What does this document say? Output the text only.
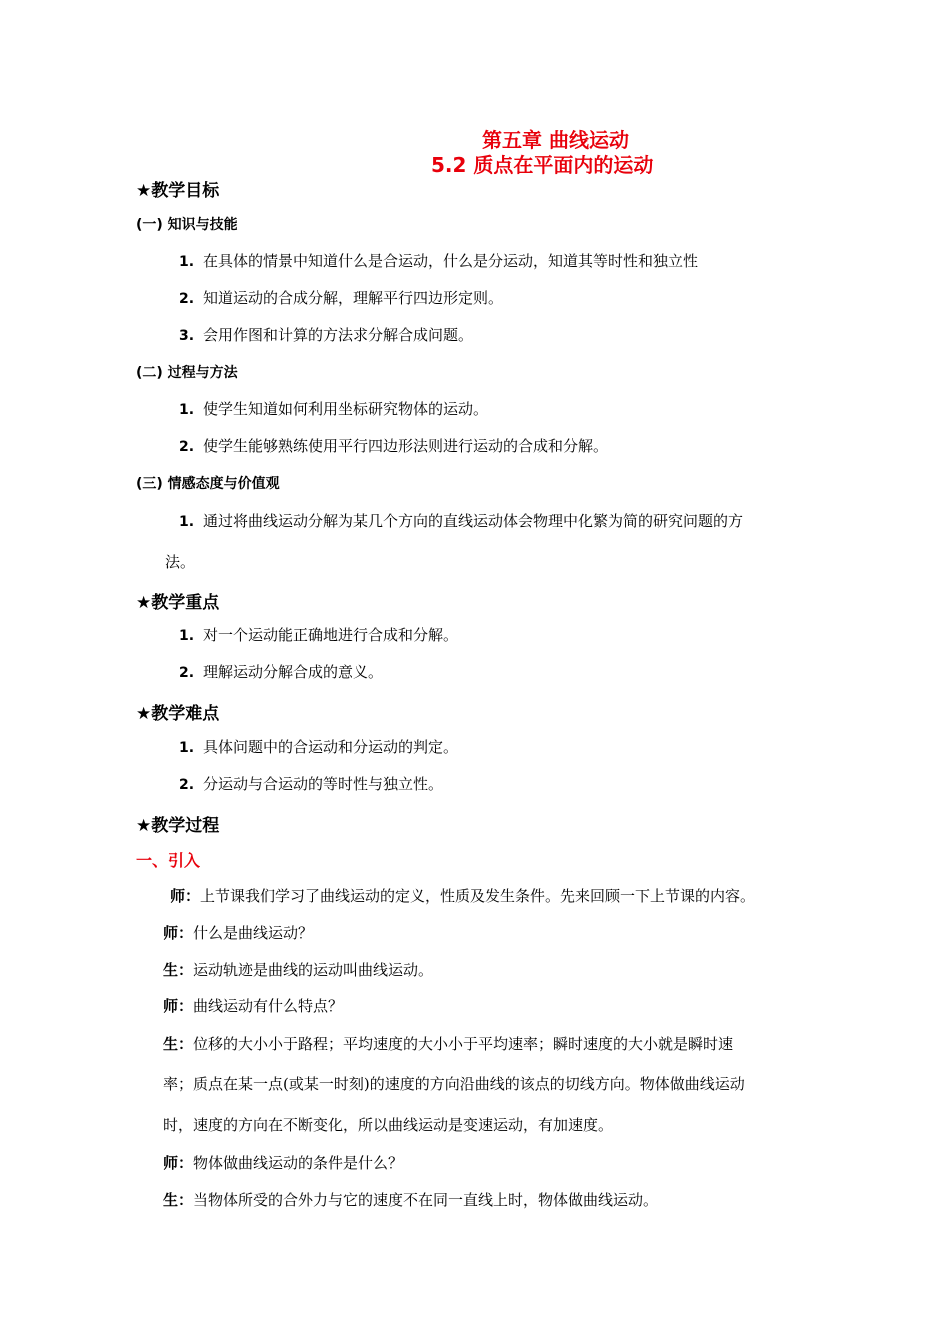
第五章 曲线运动
5.2 质点在平面内的运动
★教学目标
(一) 知识与技能
1. 在具体的情景中知道什么是合运动，什么是分运动，知道其等时性和独立性
2. 知道运动的合成分解，理解平行四边形定则。
3. 会用作图和计算的方法求分解合成问题。
(二) 过程与方法
1. 使学生知道如何利用坐标研究物体的运动。
2. 使学生能够熟练使用平行四边形法则进行运动的合成和分解。
(三) 情感态度与价值观
1. 通过将曲线运动分解为某几个方向的直线运动体会物理中化繁为简的研究问题的方
法。
★教学重点
1. 对一个运动能正确地进行合成和分解。
2. 理解运动分解合成的意义。
★教学难点
1. 具体问题中的合运动和分运动的判定。
2. 分运动与合运动的等时性与独立性。
★教学过程
一、引入
师：上节课我们学习了曲线运动的定义，性质及发生条件。先来回顾一下上节课的内容。
师：什么是曲线运动？
生：运动轨迹是曲线的运动叫曲线运动。
师：曲线运动有什么特点？
生：位移的大小小于路程；平均速度的大小小于平均速率；瞬时速度的大小就是瞬时速
率；质点在某一点(或某一时刻)的速度的方向沿曲线的该点的切线方向。物体做曲线运动
时，速度的方向在不断变化，所以曲线运动是变速运动，有加速度。
师：物体做曲线运动的条件是什么？
生：当物体所受的合外力与它的速度不在同一直线上时，物体做曲线运动。
